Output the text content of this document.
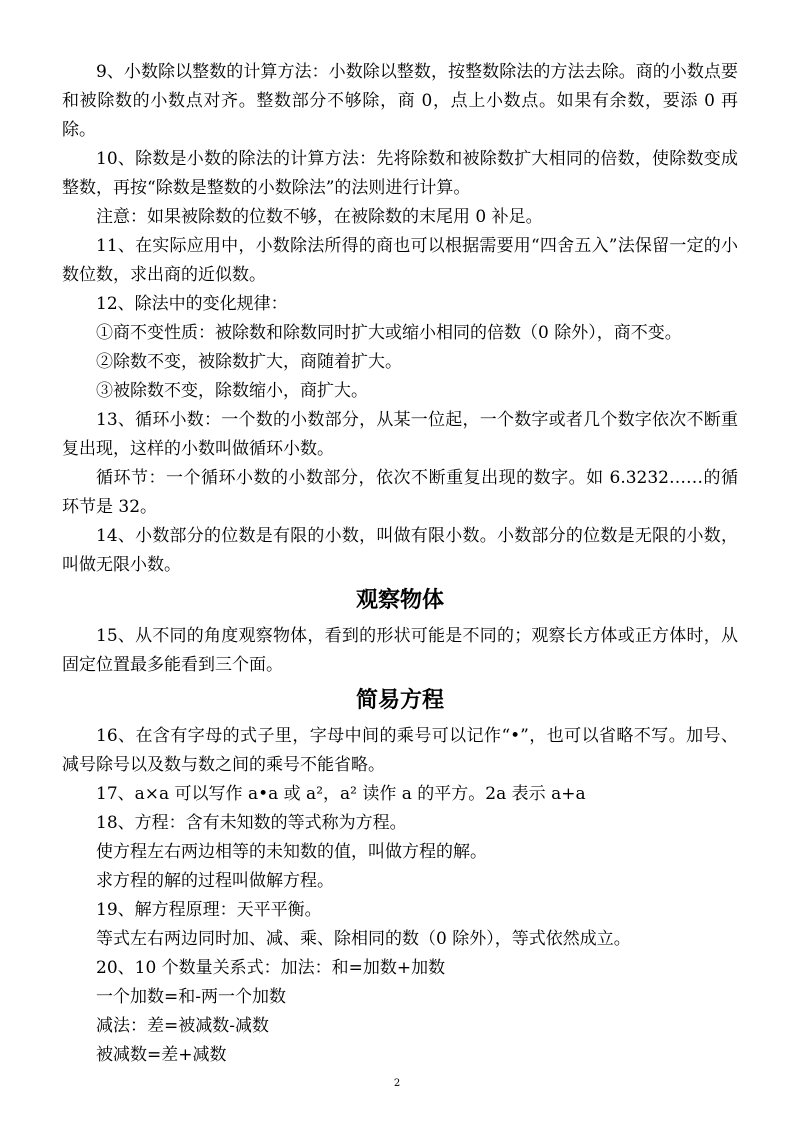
9、小数除以整数的计算方法：小数除以整数，按整数除法的方法去除。商的小数点要和被除数的小数点对齐。整数部分不够除，商 0，点上小数点。如果有余数，要添 0 再除。

10、除数是小数的除法的计算方法：先将除数和被除数扩大相同的倍数，使除数变成整数，再按“除数是整数的小数除法”的法则进行计算。

注意：如果被除数的位数不够，在被除数的末尾用 0 补足。

11、在实际应用中，小数除法所得的商也可以根据需要用“四舍五入”法保留一定的小数位数，求出商的近似数。

12、除法中的变化规律：

①商不变性质：被除数和除数同时扩大或缩小相同的倍数（0 除外），商不变。

②除数不变，被除数扩大，商随着扩大。

③被除数不变，除数缩小，商扩大。

13、循环小数：一个数的小数部分，从某一位起，一个数字或者几个数字依次不断重复出现，这样的小数叫做循环小数。

循环节：一个循环小数的小数部分，依次不断重复出现的数字。如 6.3232……的循环节是 32。

14、小数部分的位数是有限的小数，叫做有限小数。小数部分的位数是无限的小数，叫做无限小数。

观察物体

15、从不同的角度观察物体，看到的形状可能是不同的；观察长方体或正方体时，从固定位置最多能看到三个面。

简易方程

16、在含有字母的式子里，字母中间的乘号可以记作“•”，也可以省略不写。加号、减号除号以及数与数之间的乘号不能省略。

17、a×a 可以写作 a•a 或 a²，a² 读作 a 的平方。2a 表示 a+a

18、方程：含有未知数的等式称为方程。

使方程左右两边相等的未知数的值，叫做方程的解。

求方程的解的过程叫做解方程。

19、解方程原理：天平平衡。

等式左右两边同时加、减、乘、除相同的数（0 除外），等式依然成立。

20、10 个数量关系式：加法：和=加数+加数

一个加数=和-两一个加数

减法：差=被减数-减数

被减数=差+减数

2
